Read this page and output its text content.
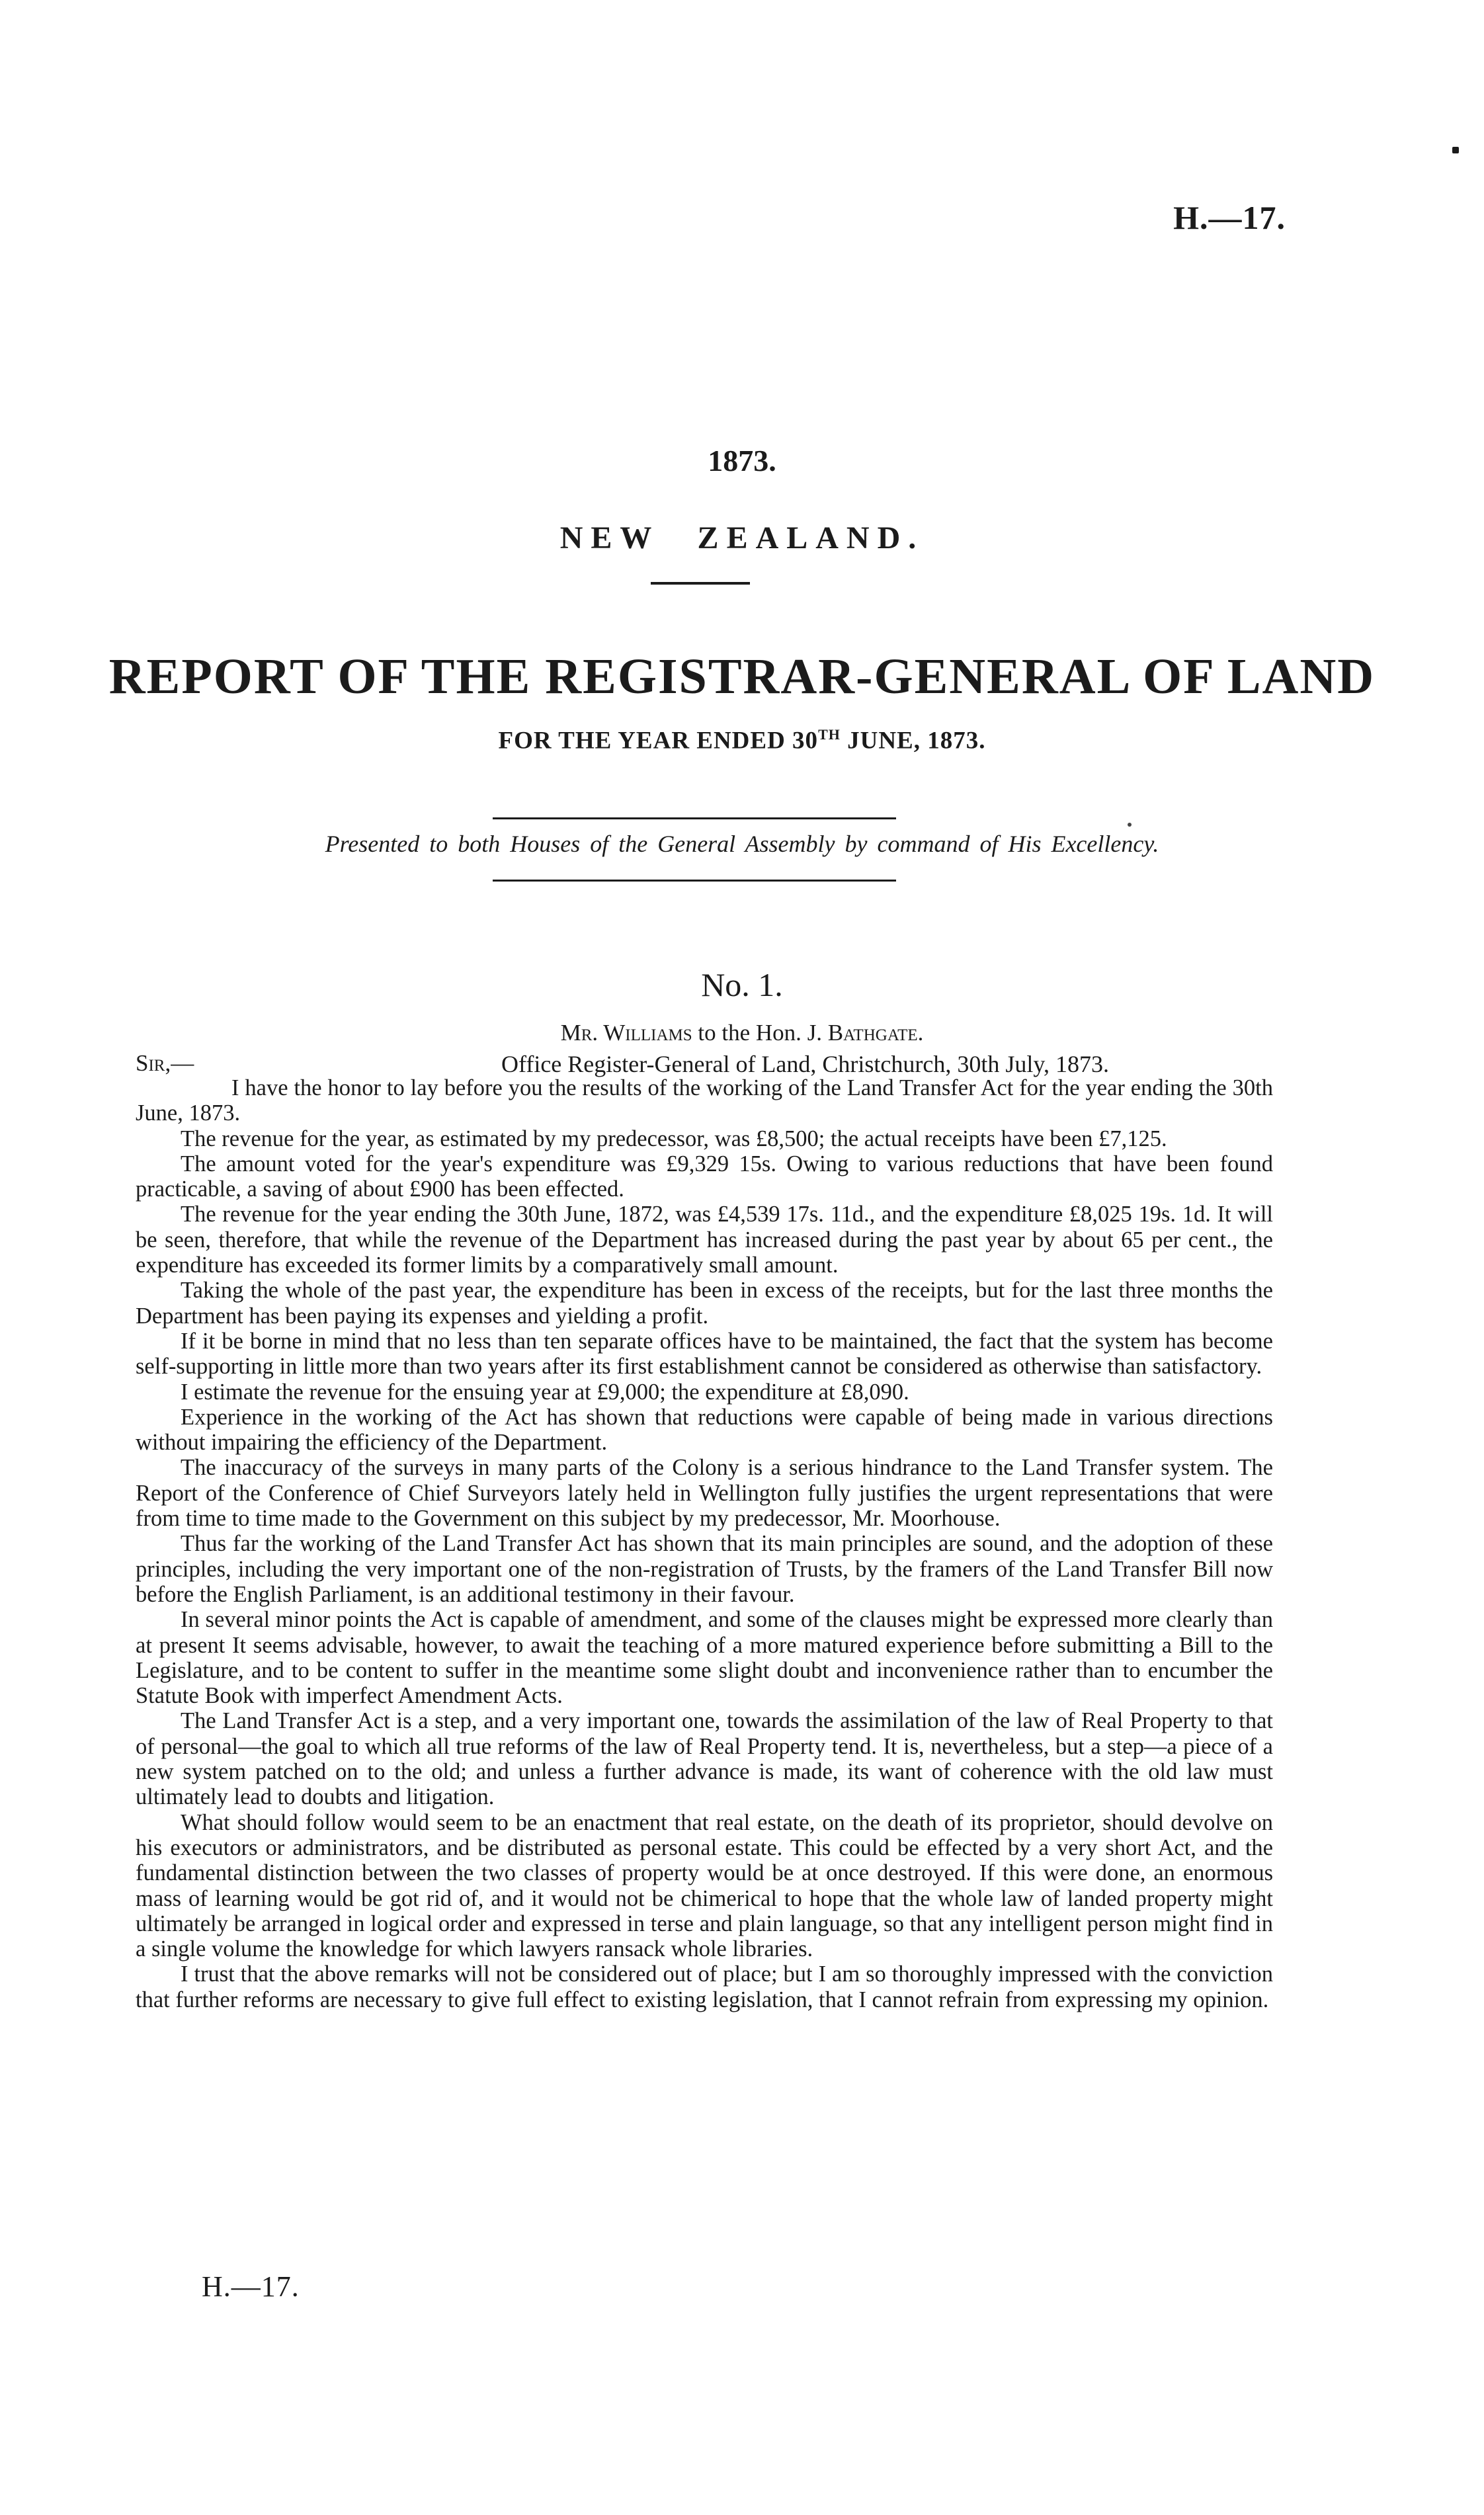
H.—17.
1873.
NEW ZEALAND.
REPORT OF THE REGISTRAR-GENERAL OF LAND
FOR THE YEAR ENDED 30TH JUNE, 1873.
Presented to both Houses of the General Assembly by command of His Excellency.
No. 1.
Mr. Williams to the Hon. J. Bathgate.
Sir,—	Office Register-General of Land, Christchurch, 30th July, 1873.

I have the honor to lay before you the results of the working of the Land Transfer Act for the year ending the 30th June, 1873.

The revenue for the year, as estimated by my predecessor, was £8,500; the actual receipts have been £7,125.

The amount voted for the year's expenditure was £9,329 15s. Owing to various reductions that have been found practicable, a saving of about £900 has been effected.

The revenue for the year ending the 30th June, 1872, was £4,539 17s. 11d., and the expenditure £8,025 19s. 1d. It will be seen, therefore, that while the revenue of the Department has increased during the past year by about 65 per cent., the expenditure has exceeded its former limits by a comparatively small amount.

Taking the whole of the past year, the expenditure has been in excess of the receipts, but for the last three months the Department has been paying its expenses and yielding a profit.

If it be borne in mind that no less than ten separate offices have to be maintained, the fact that the system has become self-supporting in little more than two years after its first establishment cannot be considered as otherwise than satisfactory.

I estimate the revenue for the ensuing year at £9,000; the expenditure at £8,090.

Experience in the working of the Act has shown that reductions were capable of being made in various directions without impairing the efficiency of the Department.

The inaccuracy of the surveys in many parts of the Colony is a serious hindrance to the Land Transfer system. The Report of the Conference of Chief Surveyors lately held in Wellington fully justifies the urgent representations that were from time to time made to the Government on this subject by my predecessor, Mr. Moorhouse.

Thus far the working of the Land Transfer Act has shown that its main principles are sound, and the adoption of these principles, including the very important one of the non-registration of Trusts, by the framers of the Land Transfer Bill now before the English Parliament, is an additional testimony in their favour.

In several minor points the Act is capable of amendment, and some of the clauses might be expressed more clearly than at present It seems advisable, however, to await the teaching of a more matured experience before submitting a Bill to the Legislature, and to be content to suffer in the meantime some slight doubt and inconvenience rather than to encumber the Statute Book with imperfect Amendment Acts.

The Land Transfer Act is a step, and a very important one, towards the assimilation of the law of Real Property to that of personal—the goal to which all true reforms of the law of Real Property tend. It is, nevertheless, but a step—a piece of a new system patched on to the old; and unless a further advance is made, its want of coherence with the old law must ultimately lead to doubts and litigation.

What should follow would seem to be an enactment that real estate, on the death of its proprietor, should devolve on his executors or administrators, and be distributed as personal estate. This could be effected by a very short Act, and the fundamental distinction between the two classes of property would be at once destroyed. If this were done, an enormous mass of learning would be got rid of, and it would not be chimerical to hope that the whole law of landed property might ultimately be arranged in logical order and expressed in terse and plain language, so that any intelligent person might find in a single volume the knowledge for which lawyers ransack whole libraries.

I trust that the above remarks will not be considered out of place; but I am so thoroughly impressed with the conviction that further reforms are necessary to give full effect to existing legislation, that I cannot refrain from expressing my opinion.

H.—17.
